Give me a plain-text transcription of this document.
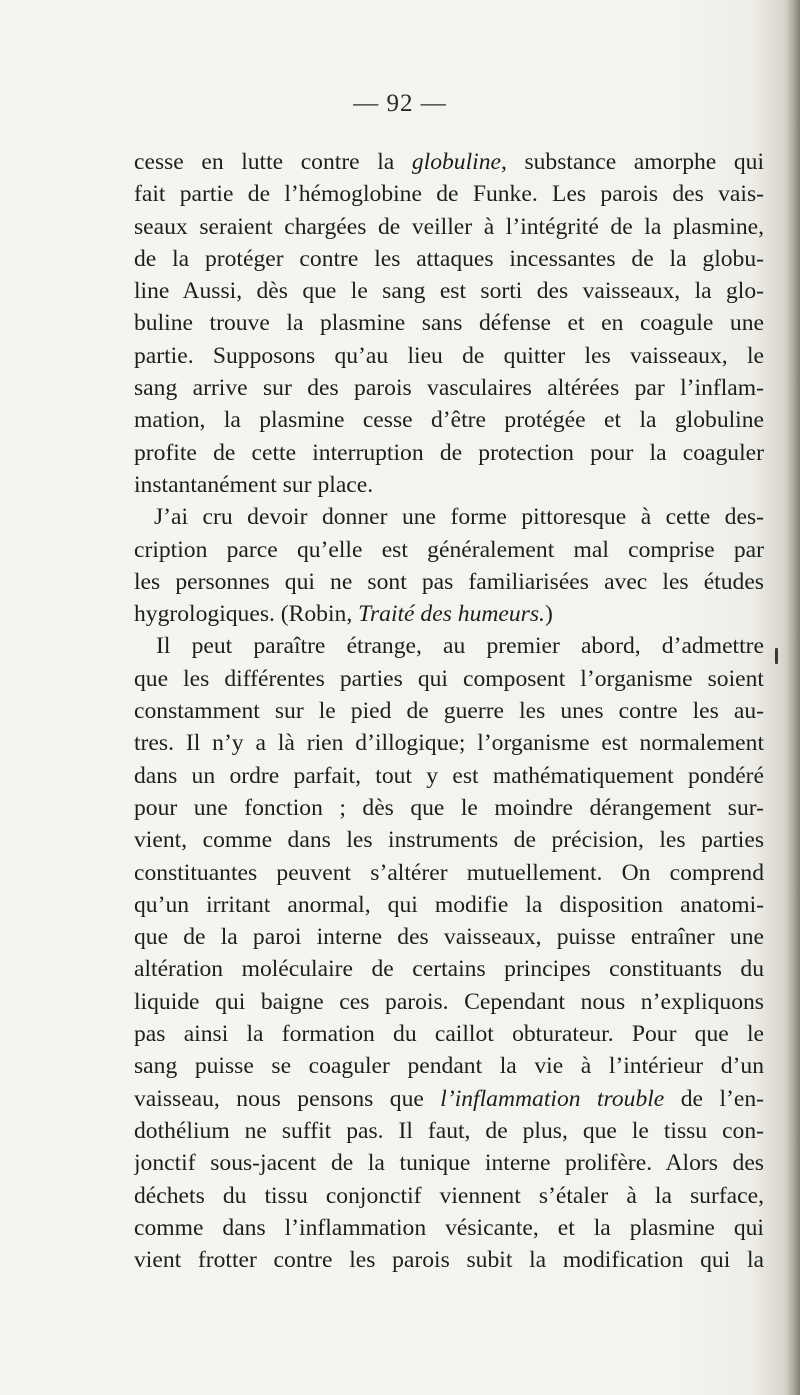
— 92 —
cesse en lutte contre la globuline, substance amorphe qui
fait partie de l’hémoglobine de Funke. Les parois des vais-
seaux seraient chargées de veiller à l’intégrité de la plasmine,
de la protéger contre les attaques incessantes de la globu-
line Aussi, dès que le sang est sorti des vaisseaux, la glo-
buline trouve la plasmine sans défense et en coagule une
partie. Supposons qu’au lieu de quitter les vaisseaux, le
sang arrive sur des parois vasculaires altérées par l’inflam-
mation, la plasmine cesse d’être protégée et la globuline
profite de cette interruption de protection pour la coaguler
instantanément sur place.
J’ai cru devoir donner une forme pittoresque à cette des-
cription parce qu’elle est généralement mal comprise par
les personnes qui ne sont pas familiarisées avec les études
hygrologiques. (Robin, Traité des humeurs.)
Il peut paraître étrange, au premier abord, d’admettre
que les différentes parties qui composent l’organisme soient
constamment sur le pied de guerre les unes contre les au-
tres. Il n’y a là rien d’illogique; l’organisme est normalement
dans un ordre parfait, tout y est mathématiquement pondéré
pour une fonction ; dès que le moindre dérangement sur-
vient, comme dans les instruments de précision, les parties
constituantes peuvent s’altérer mutuellement. On comprend
qu’un irritant anormal, qui modifie la disposition anatomi-
que de la paroi interne des vaisseaux, puisse entraîner une
altération moléculaire de certains principes constituants du
liquide qui baigne ces parois. Cependant nous n’expliquons
pas ainsi la formation du caillot obturateur. Pour que le
sang puisse se coaguler pendant la vie à l’intérieur d’un
vaisseau, nous pensons que l’inflammation trouble de l’en-
dothélium ne suffit pas. Il faut, de plus, que le tissu con-
jonctif sous-jacent de la tunique interne prolifère. Alors des
déchets du tissu conjonctif viennent s’étaler à la surface,
comme dans l’inflammation vésicante, et la plasmine qui
vient frotter contre les parois subit la modification qui la
